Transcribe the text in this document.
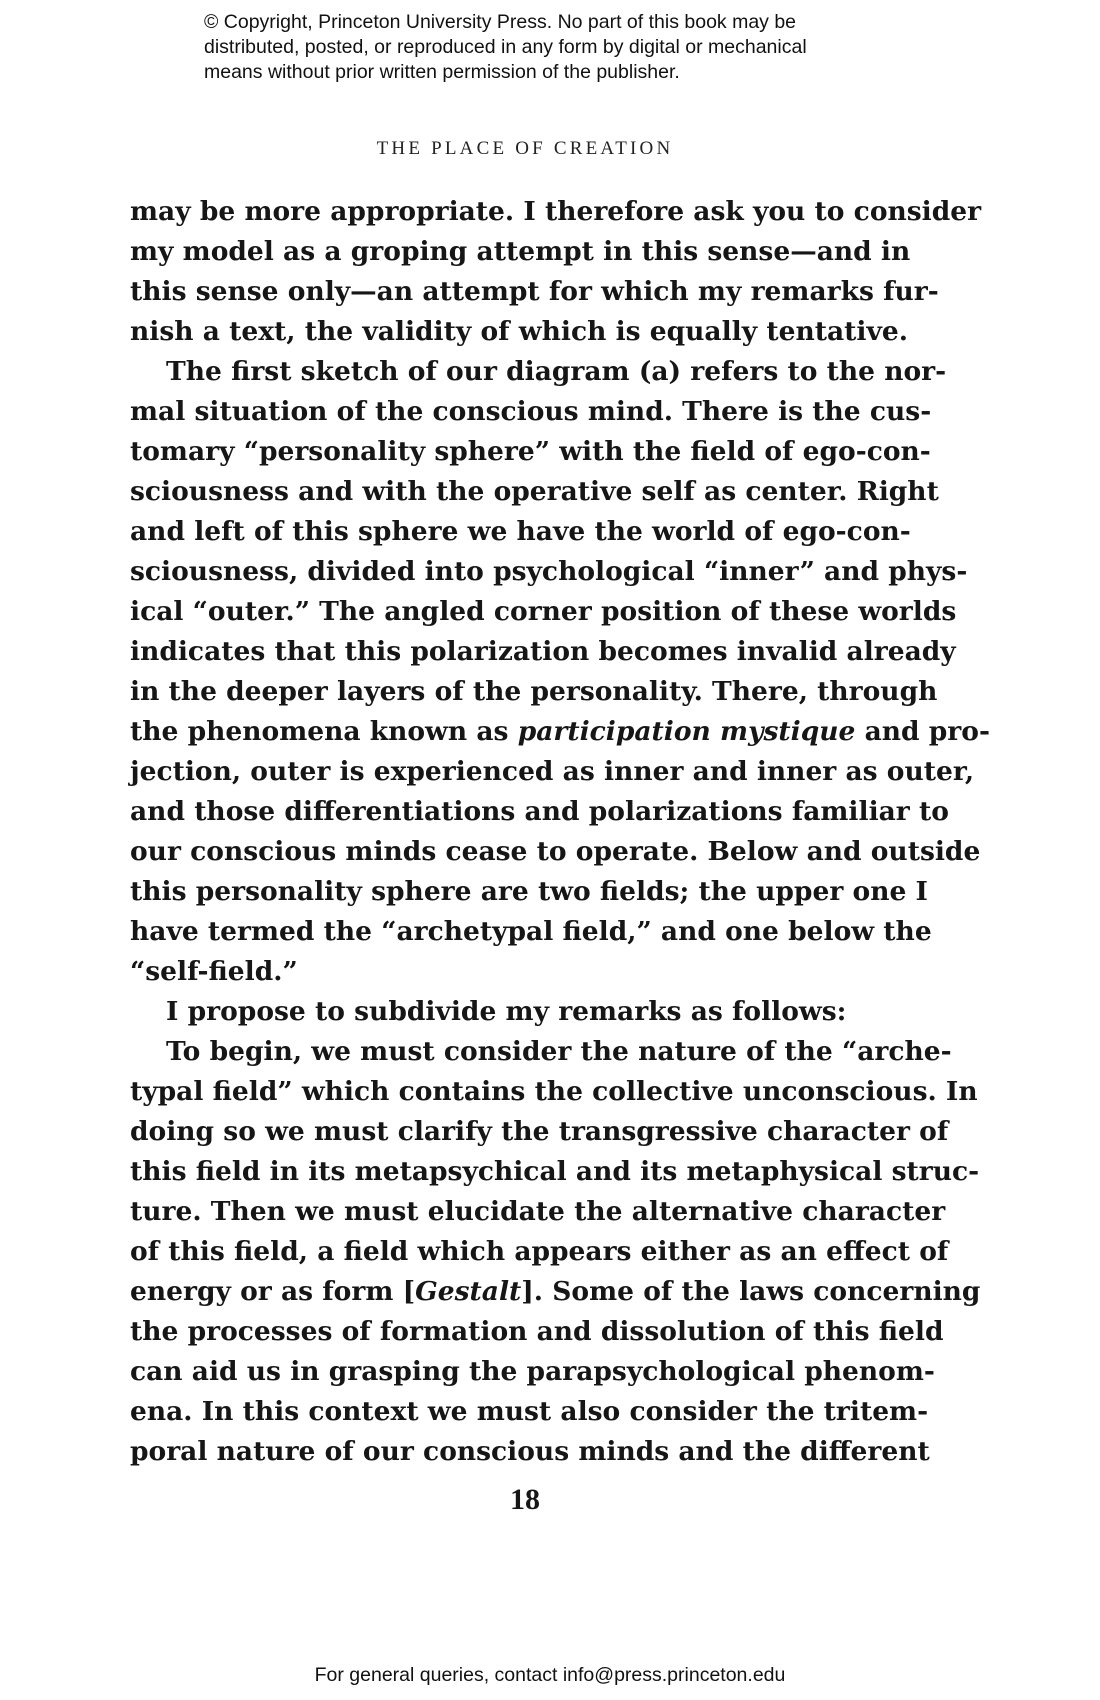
© Copyright, Princeton University Press. No part of this book may be
distributed, posted, or reproduced in any form by digital or mechanical
means without prior written permission of the publisher.
THE PLACE OF CREATION
may be more appropriate. I therefore ask you to consider
my model as a groping attempt in this sense—and in
this sense only—an attempt for which my remarks fur-
nish a text, the validity of which is equally tentative.
The first sketch of our diagram (a) refers to the nor-
mal situation of the conscious mind. There is the cus-
tomary “personality sphere” with the field of ego-con-
sciousness and with the operative self as center. Right
and left of this sphere we have the world of ego-con-
sciousness, divided into psychological “inner” and phys-
ical “outer.” The angled corner position of these worlds
indicates that this polarization becomes invalid already
in the deeper layers of the personality. There, through
the phenomena known as participation mystique and pro-
jection, outer is experienced as inner and inner as outer,
and those differentiations and polarizations familiar to
our conscious minds cease to operate. Below and outside
this personality sphere are two fields; the upper one I
have termed the “archetypal field,” and one below the
“self-field.”
I propose to subdivide my remarks as follows:
To begin, we must consider the nature of the “arche-
typal field” which contains the collective unconscious. In
doing so we must clarify the transgressive character of
this field in its metapsychical and its metaphysical struc-
ture. Then we must elucidate the alternative character
of this field, a field which appears either as an effect of
energy or as form [Gestalt]. Some of the laws concerning
the processes of formation and dissolution of this field
can aid us in grasping the parapsychological phenom-
ena. In this context we must also consider the tritem-
poral nature of our conscious minds and the different
18
For general queries, contact info@press.princeton.edu
